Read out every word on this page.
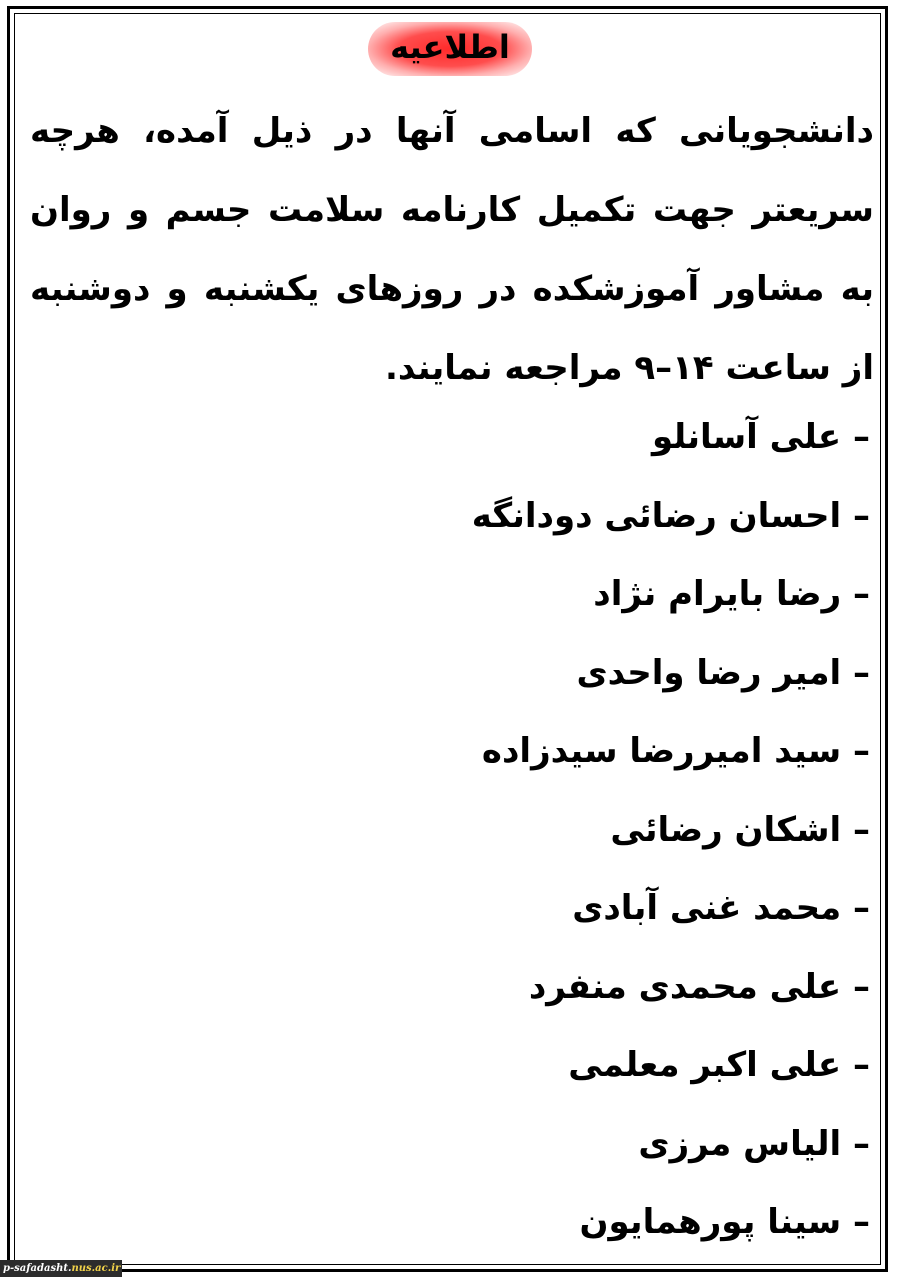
اطلاعیه
دانشجویانی که اسامی آنها در ذیل آمده، هرچه سریعتر جهت تکمیل کارنامه سلامت جسم و روان به مشاور آموزشکده در روزهای یکشنبه و دوشنبه از ساعت ۱۴–۹ مراجعه نمایند.
– علی آسانلو
– احسان رضائی دودانگه
– رضا بایرام نژاد
– امیر رضا واحدی
– سید امیررضا سیدزاده
– اشکان رضائی
– محمد غنی آبادی
– علی محمدی منفرد
– علی اکبر معلمی
– الیاس مرزی
– سینا پورهمایون
p-safadasht.nus.ac.ir
